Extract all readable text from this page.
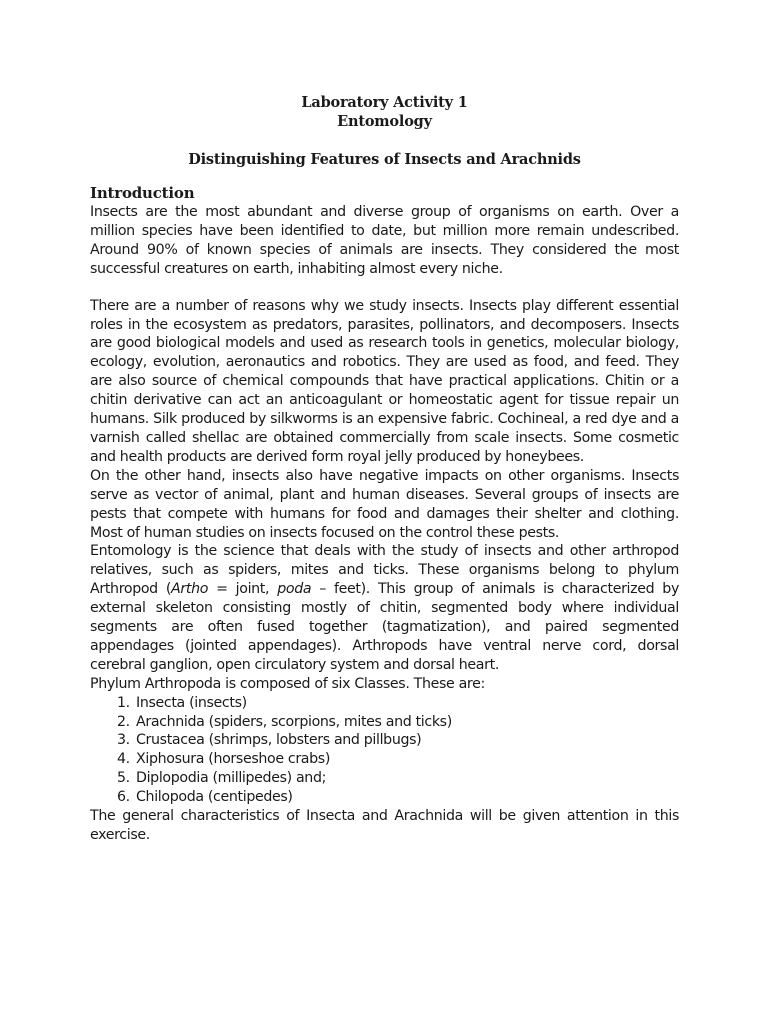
Laboratory Activity 1
Entomology
Distinguishing Features of Insects and Arachnids
Introduction

Insects are the most abundant and diverse group of organisms on earth. Over a million species have been identified to date, but million more remain undescribed. Around 90% of known species of animals are insects. They considered the most successful creatures on earth, inhabiting almost every niche.

There are a number of reasons why we study insects. Insects play different essential roles in the ecosystem as predators, parasites, pollinators, and decomposers. Insects are good biological models and used as research tools in genetics, molecular biology, ecology, evolution, aeronautics and robotics. They are used as food, and feed. They are also source of chemical compounds that have practical applications. Chitin or a chitin derivative can act an anticoagulant or homeostatic agent for tissue repair un humans. Silk produced by silkworms is an expensive fabric. Cochineal, a red dye and a varnish called shellac are obtained commercially from scale insects. Some cosmetic and health products are derived form royal jelly produced by honeybees.

On the other hand, insects also have negative impacts on other organisms. Insects serve as vector of animal, plant and human diseases. Several groups of insects are pests that compete with humans for food and damages their shelter and clothing. Most of human studies on insects focused on the control these pests.

Entomology is the science that deals with the study of insects and other arthropod relatives, such as spiders, mites and ticks. These organisms belong to phylum Arthropod (Artho = joint, poda – feet). This group of animals is characterized by external skeleton consisting mostly of chitin, segmented body where individual segments are often fused together (tagmatization), and paired segmented appendages (jointed appendages). Arthropods have ventral nerve cord, dorsal cerebral ganglion, open circulatory system and dorsal heart.

Phylum Arthropoda is composed of six Classes. These are:

1. Insecta (insects)
2. Arachnida (spiders, scorpions, mites and ticks)
3. Crustacea (shrimps, lobsters and pillbugs)
4. Xiphosura (horseshoe crabs)
5. Diplopodia (millipedes) and;
6. Chilopoda (centipedes)

The general characteristics of Insecta and Arachnida will be given attention in this exercise.
